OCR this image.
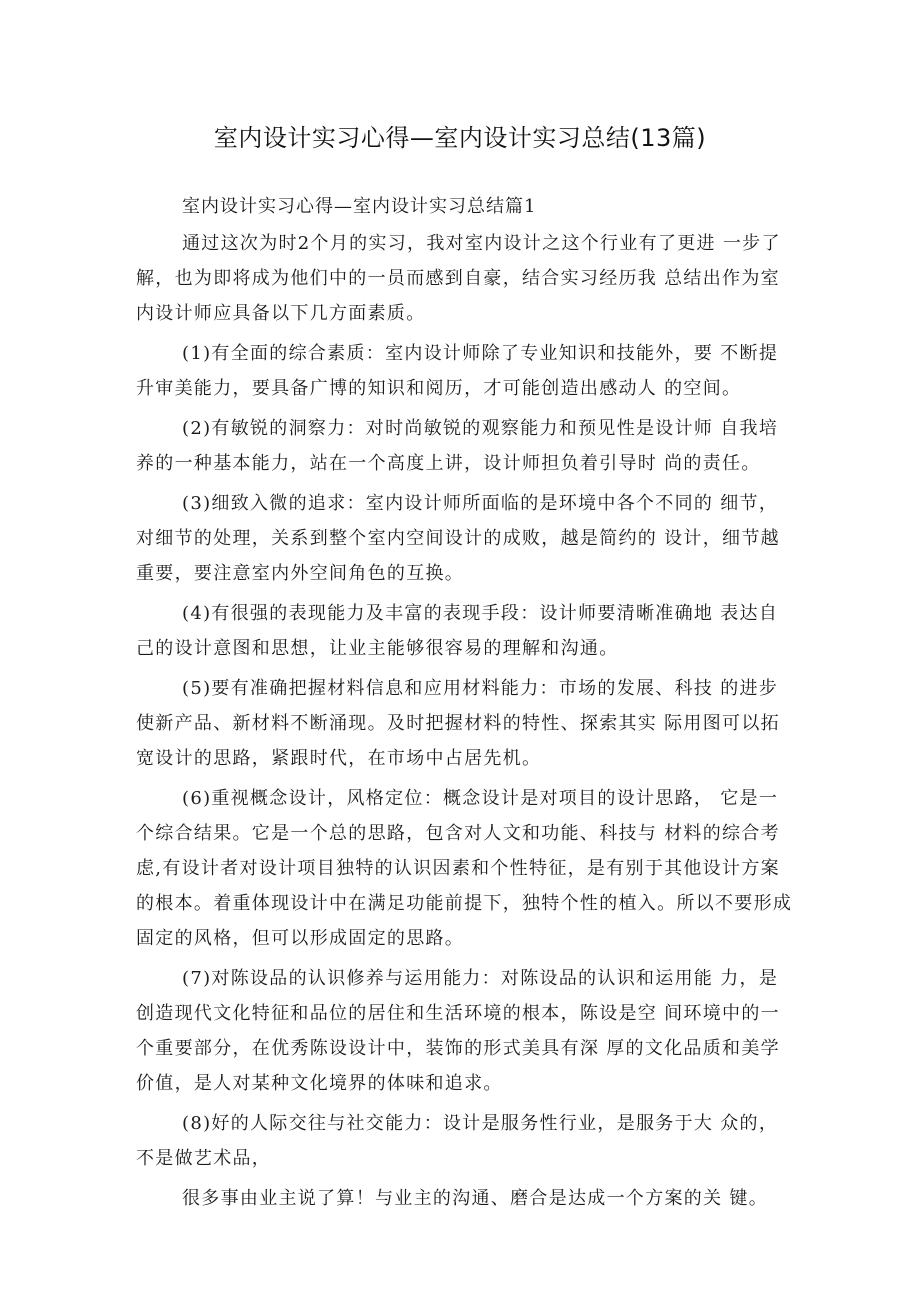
室内设计实习心得—室内设计实习总结(13篇)
室内设计实习心得—室内设计实习总结篇1

通过这次为时2个月的实习，我对室内设计之这个行业有了更进 一步了解，也为即将成为他们中的一员而感到自豪，结合实习经历我 总结出作为室内设计师应具备以下几方面素质。

(1)有全面的综合素质：室内设计师除了专业知识和技能外，要 不断提升审美能力，要具备广博的知识和阅历，才可能创造出感动人 的空间。

(2)有敏锐的洞察力：对时尚敏锐的观察能力和预见性是设计师 自我培养的一种基本能力，站在一个高度上讲，设计师担负着引导时 尚的责任。

(3)细致入微的追求：室内设计师所面临的是环境中各个不同的 细节，对细节的处理，关系到整个室内空间设计的成败，越是简约的 设计，细节越重要，要注意室内外空间角色的互换。

(4)有很强的表现能力及丰富的表现手段：设计师要清晰准确地 表达自己的设计意图和思想，让业主能够很容易的理解和沟通。

(5)要有准确把握材料信息和应用材料能力：市场的发展、科技 的进步使新产品、新材料不断涌现。及时把握材料的特性、探索其实 际用图可以拓宽设计的思路，紧跟时代，在市场中占居先机。

(6)重视概念设计，风格定位：概念设计是对项目的设计思路， 它是一个综合结果。它是一个总的思路，包含对人文和功能、科技与 材料的综合考虑,有设计者对设计项目独特的认识因素和个性特征，是有别于其他设计方案的根本。着重体现设计中在满足功能前提下，独特个性的植入。所以不要形成固定的风格，但可以形成固定的思路。

(7)对陈设品的认识修养与运用能力：对陈设品的认识和运用能 力，是创造现代文化特征和品位的居住和生活环境的根本，陈设是空 间环境中的一个重要部分，在优秀陈设设计中，装饰的形式美具有深 厚的文化品质和美学价值，是人对某种文化境界的体味和追求。

(8)好的人际交往与社交能力：设计是服务性行业，是服务于大 众的，不是做艺术品，

很多事由业主说了算！与业主的沟通、磨合是达成一个方案的关 键。
